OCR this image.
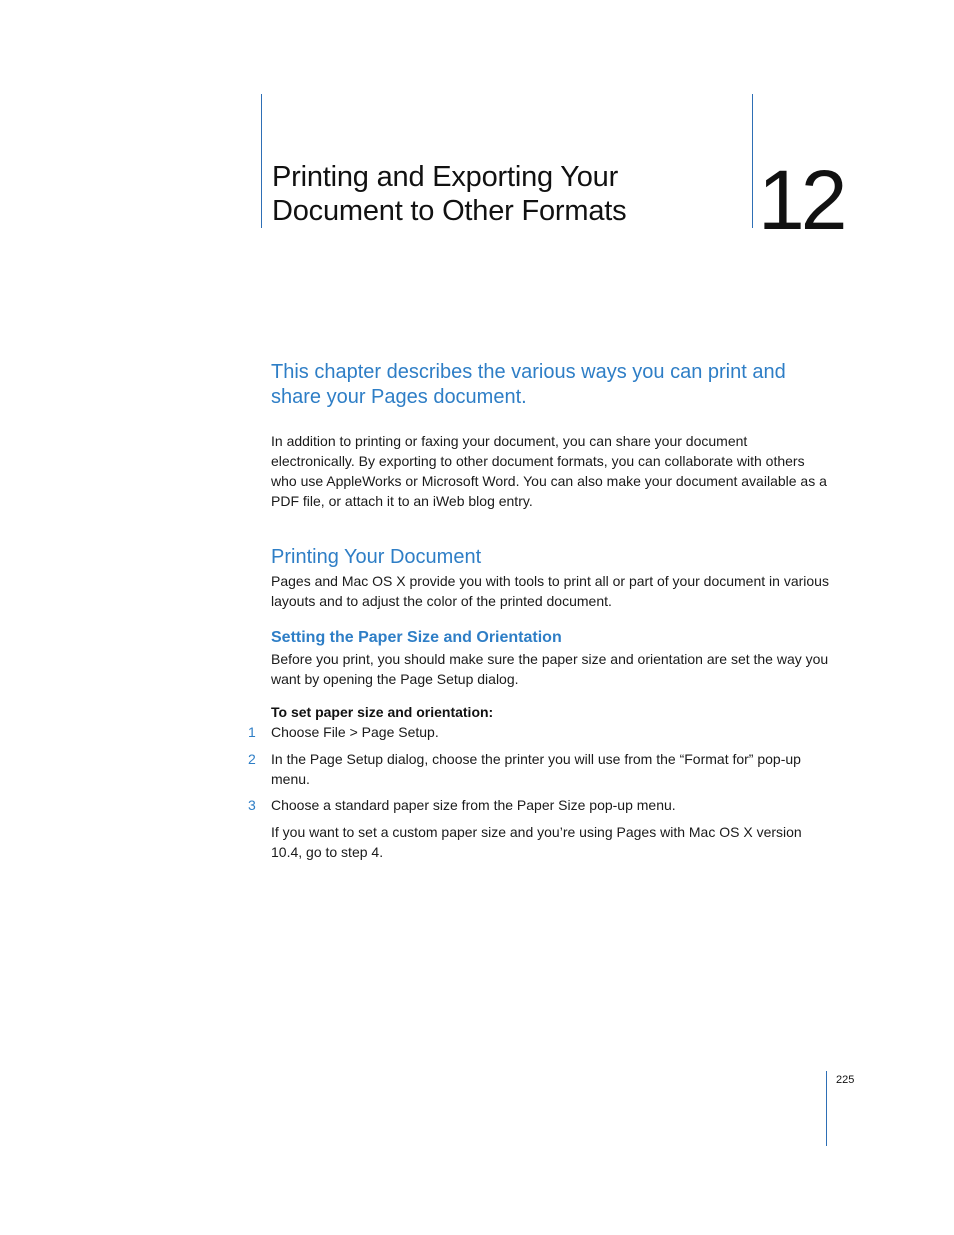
Printing and Exporting Your Document to Other Formats	12

This chapter describes the various ways you can print and share your Pages document.

In addition to printing or faxing your document, you can share your document electronically. By exporting to other document formats, you can collaborate with others who use AppleWorks or Microsoft Word. You can also make your document available as a PDF file, or attach it to an iWeb blog entry.

Printing Your Document

Pages and Mac OS X provide you with tools to print all or part of your document in various layouts and to adjust the color of the printed document.

Setting the Paper Size and Orientation

Before you print, you should make sure the paper size and orientation are set the way you want by opening the Page Setup dialog.

To set paper size and orientation:
1	Choose File > Page Setup.
2	In the Page Setup dialog, choose the printer you will use from the “Format for” pop-up menu.
3	Choose a standard paper size from the Paper Size pop-up menu.

If you want to set a custom paper size and you’re using Pages with Mac OS X version 10.4, go to step 4.

225
